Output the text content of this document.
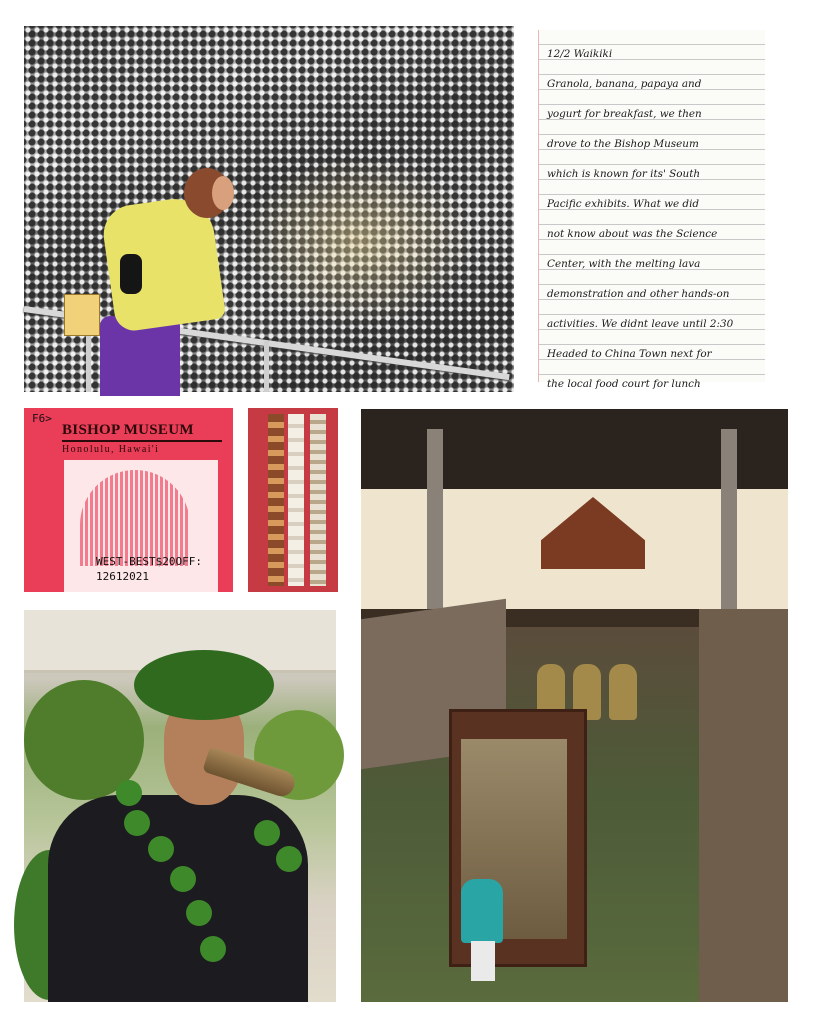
12/2 Waikiki

Granola, banana, papaya and

yogurt for breakfast, we then

drove to the Bishop Museum

which is known for its' South

Pacific exhibits. What we did

not know about was the Science

Center, with the melting lava

demonstration and other hands-on

activities. We didnt leave until 2:30

Headed to China Town next for

the local food court for lunch

F6>
BISHOP MUSEUM
Honolulu, Hawai'i
WEST-BEST$20OFF:
12612021
